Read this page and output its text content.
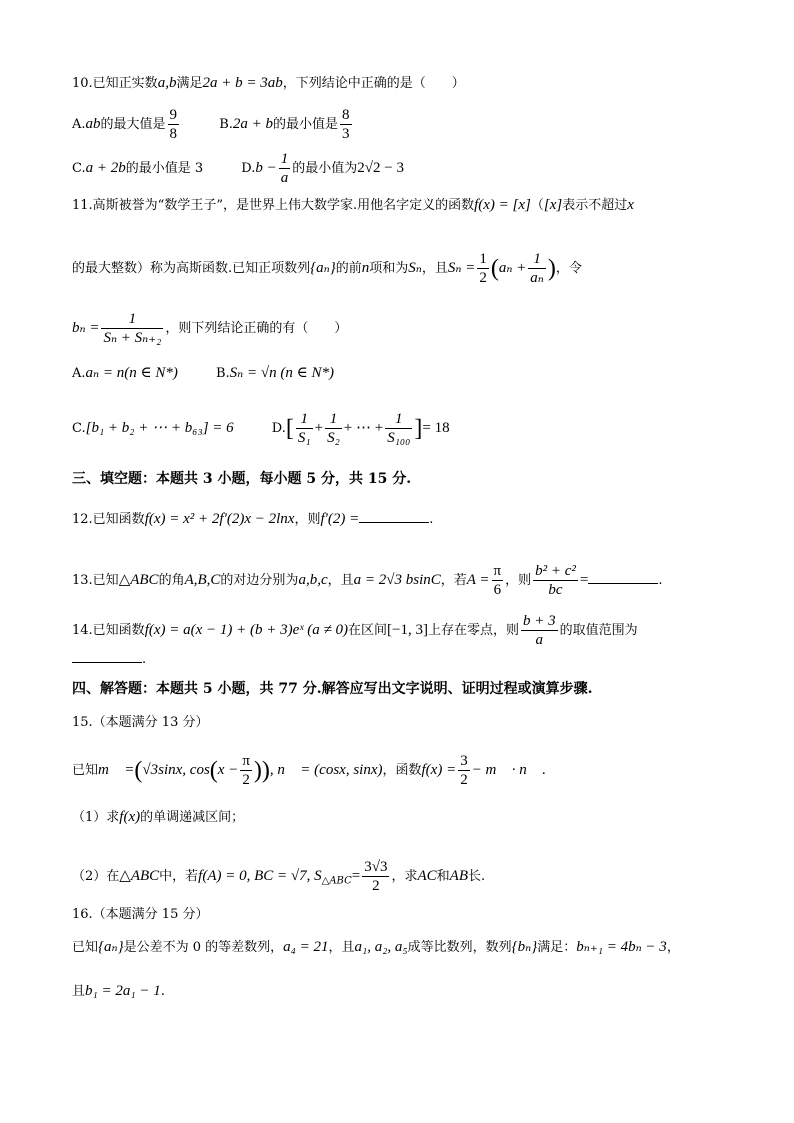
10.已知正实数a,b满足2a + b = 3ab，下列结论中正确的是（　　）
A.ab的最大值是 $\frac{9}{8}$	B.2a + b的最小值是 $\frac{8}{3}$
C.a + 2b的最小值是 3	$D.b - \frac{1}{a}$ 的最小值为2√2 − 3
11.高斯被誉为“数学王子”，是世界上伟大数学家.用他名字定义的函数f(x) = [x]（[x]表示不超过x
的最大整数）称为高斯函数.已知正项数列{aₙ}的前n项和为Sₙ，且$S_n = \frac{1}{2} (a_n + \frac{1}{\text{aₙ}}$ )，令
$b_n = \frac{1}{\text{Sₙ + Sₙ₊₂}}$ ，则下列结论正确的有（　　）
A.aₙ = n(n ∈ N*)	B.Sₙ = √n (n ∈ N*)
C.[b₁ + b₂ + ⋯ + b₆₃] = 6	$D.[ \frac{1}{\text{S₁}} + \frac{1}{\text{S₂}}$ + ⋯ + $\frac{1}{\text{S₁₀₀}}$ ]= 18
三、填空题：本题共 3 小题，每小题 5 分，共 15 分.
12.已知函数f(x) = x² + 2f′(2)x − 2lnx，则f′(2) =	.
13.已知△ABC的角A,B,C的对边分别为a,b,c，且a = 2√3 bsinC，若$A = \frac{\pi}{6}$ ，则 $\frac{\text{b² + c²}}{bc}$ =	.
14.已知函数f(x) = a(x − 1) + (b + 3)eˣ (a ≠ 0)在区间[−1, 3]上存在零点，则 $\frac{b + 3}{a}$ 的取值范围为
.
四、解答题：本题共 5 小题，共 77 分.解答应写出文字说明、证明过程或演算步骤.
15.（本题满分 13 分）
已知m⃗ =(√3sinx, $\cos(x - \frac{\pi}{2}$ )), n⃗ = (cosx, sinx)，函数$f(x) = \frac{3}{2}$ − m⃗ · n⃗ .
（1）求f(x)的单调递减区间；
（2）在△ABC中，若f(A) = 0, BC = √7, $S_{\triangle ABC}= \frac{3√3}{2}$ ，求AC和AB长.
16.（本题满分 15 分）
已知{aₙ}是公差不为 0 的等差数列，a₄ = 21，且a₁, a₂, a₅成等比数列，数列{bₙ}满足：bₙ₊₁ = 4bₙ − 3，
且b₁ = 2a₁ − 1.
